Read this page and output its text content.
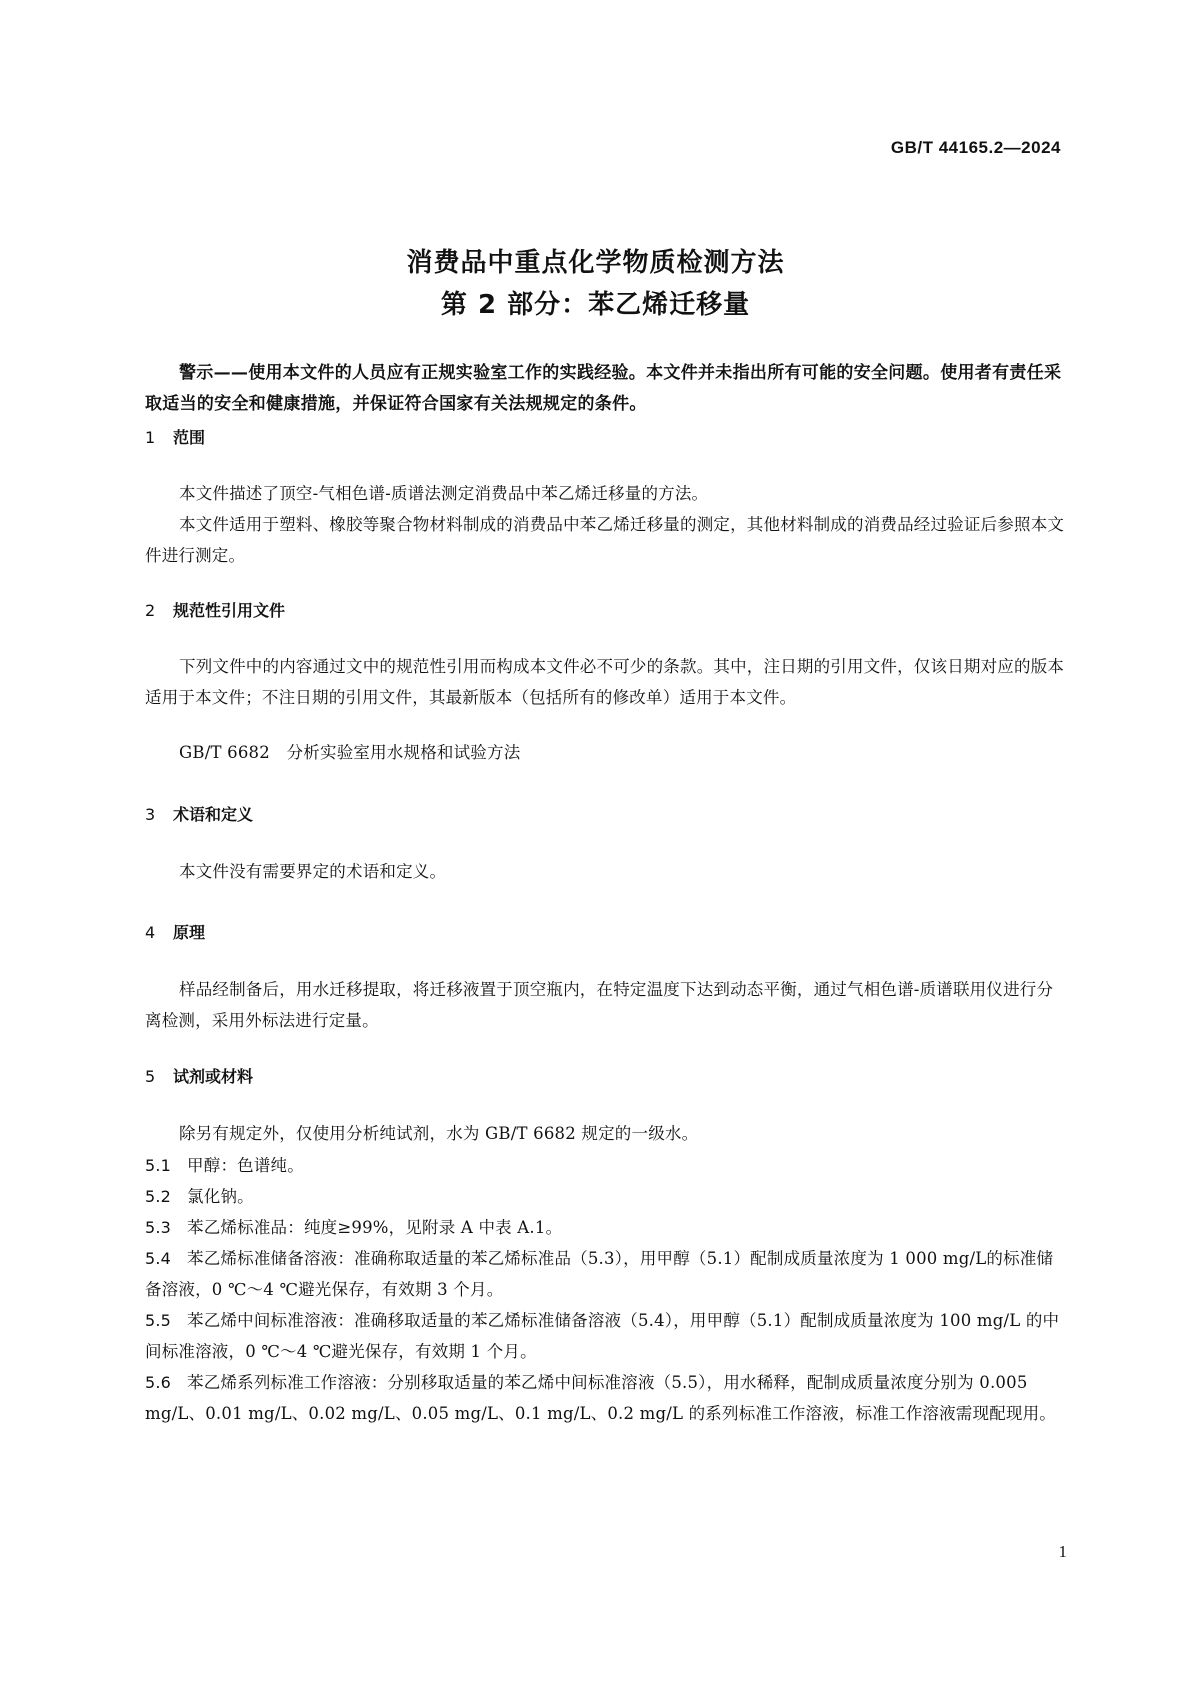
GB/T 44165.2—2024
消费品中重点化学物质检测方法
第 2 部分：苯乙烯迁移量
警示——使用本文件的人员应有正规实验室工作的实践经验。本文件并未指出所有可能的安全问题。使用者有责任采取适当的安全和健康措施，并保证符合国家有关法规规定的条件。
1 范围
本文件描述了顶空-气相色谱-质谱法测定消费品中苯乙烯迁移量的方法。
本文件适用于塑料、橡胶等聚合物材料制成的消费品中苯乙烯迁移量的测定，其他材料制成的消费品经过验证后参照本文件进行测定。
2 规范性引用文件
下列文件中的内容通过文中的规范性引用而构成本文件必不可少的条款。其中，注日期的引用文件，仅该日期对应的版本适用于本文件；不注日期的引用文件，其最新版本（包括所有的修改单）适用于本文件。
GB/T 6682　分析实验室用水规格和试验方法
3 术语和定义
本文件没有需要界定的术语和定义。
4 原理
样品经制备后，用水迁移提取，将迁移液置于顶空瓶内，在特定温度下达到动态平衡，通过气相色谱-质谱联用仪进行分离检测，采用外标法进行定量。
5 试剂或材料
除另有规定外，仅使用分析纯试剂，水为 GB/T 6682 规定的一级水。
5.1 甲醇：色谱纯。
5.2 氯化钠。
5.3 苯乙烯标准品：纯度≥99%，见附录 A 中表 A.1。
5.4 苯乙烯标准储备溶液：准确称取适量的苯乙烯标准品（5.3），用甲醇（5.1）配制成质量浓度为 1 000 mg/L的标准储备溶液，0 ℃～4 ℃避光保存，有效期 3 个月。
5.5 苯乙烯中间标准溶液：准确移取适量的苯乙烯标准储备溶液（5.4），用甲醇（5.1）配制成质量浓度为 100 mg/L 的中间标准溶液，0 ℃～4 ℃避光保存，有效期 1 个月。
5.6 苯乙烯系列标准工作溶液：分别移取适量的苯乙烯中间标准溶液（5.5），用水稀释，配制成质量浓度分别为 0.005 mg/L、0.01 mg/L、0.02 mg/L、0.05 mg/L、0.1 mg/L、0.2 mg/L 的系列标准工作溶液，标准工作溶液需现配现用。
1
